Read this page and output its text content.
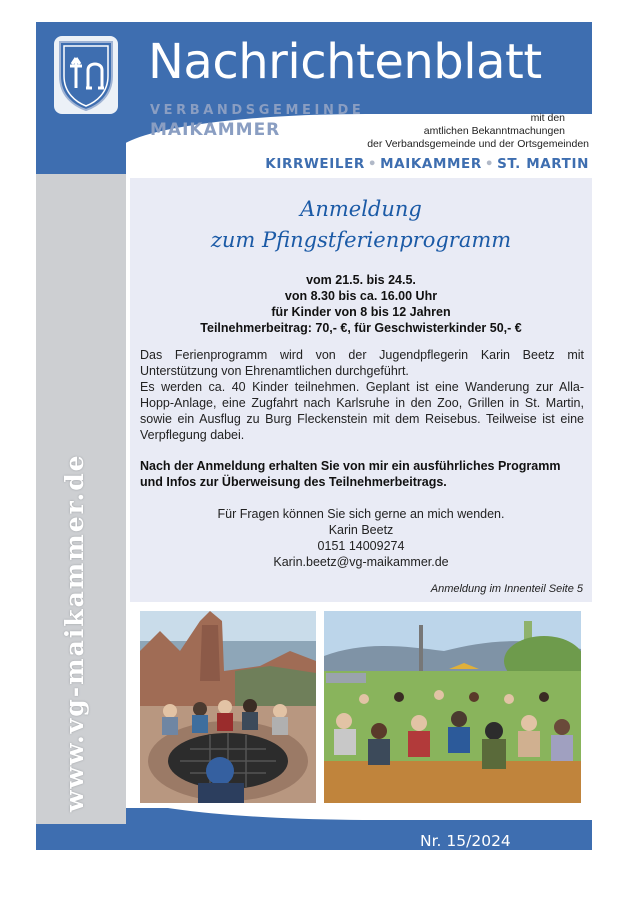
www.vg-maikammer.de
Nachrichtenblatt
VERBANDSGEMEINDE
MAIKAMMER
mit den
amtlichen Bekanntmachungen
der Verbandsgemeinde und der Ortsgemeinden
KIRRWEILER • MAIKAMMER • ST. MARTIN
Anmeldung
zum Pfingstferienprogramm
vom 21.5. bis 24.5.
von 8.30 bis ca. 16.00 Uhr
für Kinder von 8 bis 12 Jahren
Teilnehmerbeitrag: 70,- €, für Geschwisterkinder 50,- €
Das Ferienprogramm wird von der Jugendpflegerin Karin Beetz mit Unterstützung von Ehrenamtlichen durchgeführt.
Es werden ca. 40 Kinder teilnehmen. Geplant ist eine Wanderung zur Alla-Hopp-Anlage, eine Zugfahrt nach Karlsruhe in den Zoo, Grillen in St. Martin, sowie ein Ausflug zu Burg Fleckenstein mit dem Reisebus. Teilweise ist eine Verpflegung dabei.
Nach der Anmeldung erhalten Sie von mir ein ausführliches Programm und Infos zur Überweisung des Teilnehmerbeitrags.
Für Fragen können Sie sich gerne an mich wenden.
Karin Beetz
0151 14009274
Karin.beetz@vg-maikammer.de
Anmeldung im Innenteil Seite 5
Nr. 15/2024
53. Jahrgang • Freitag, den 12. April 2024
